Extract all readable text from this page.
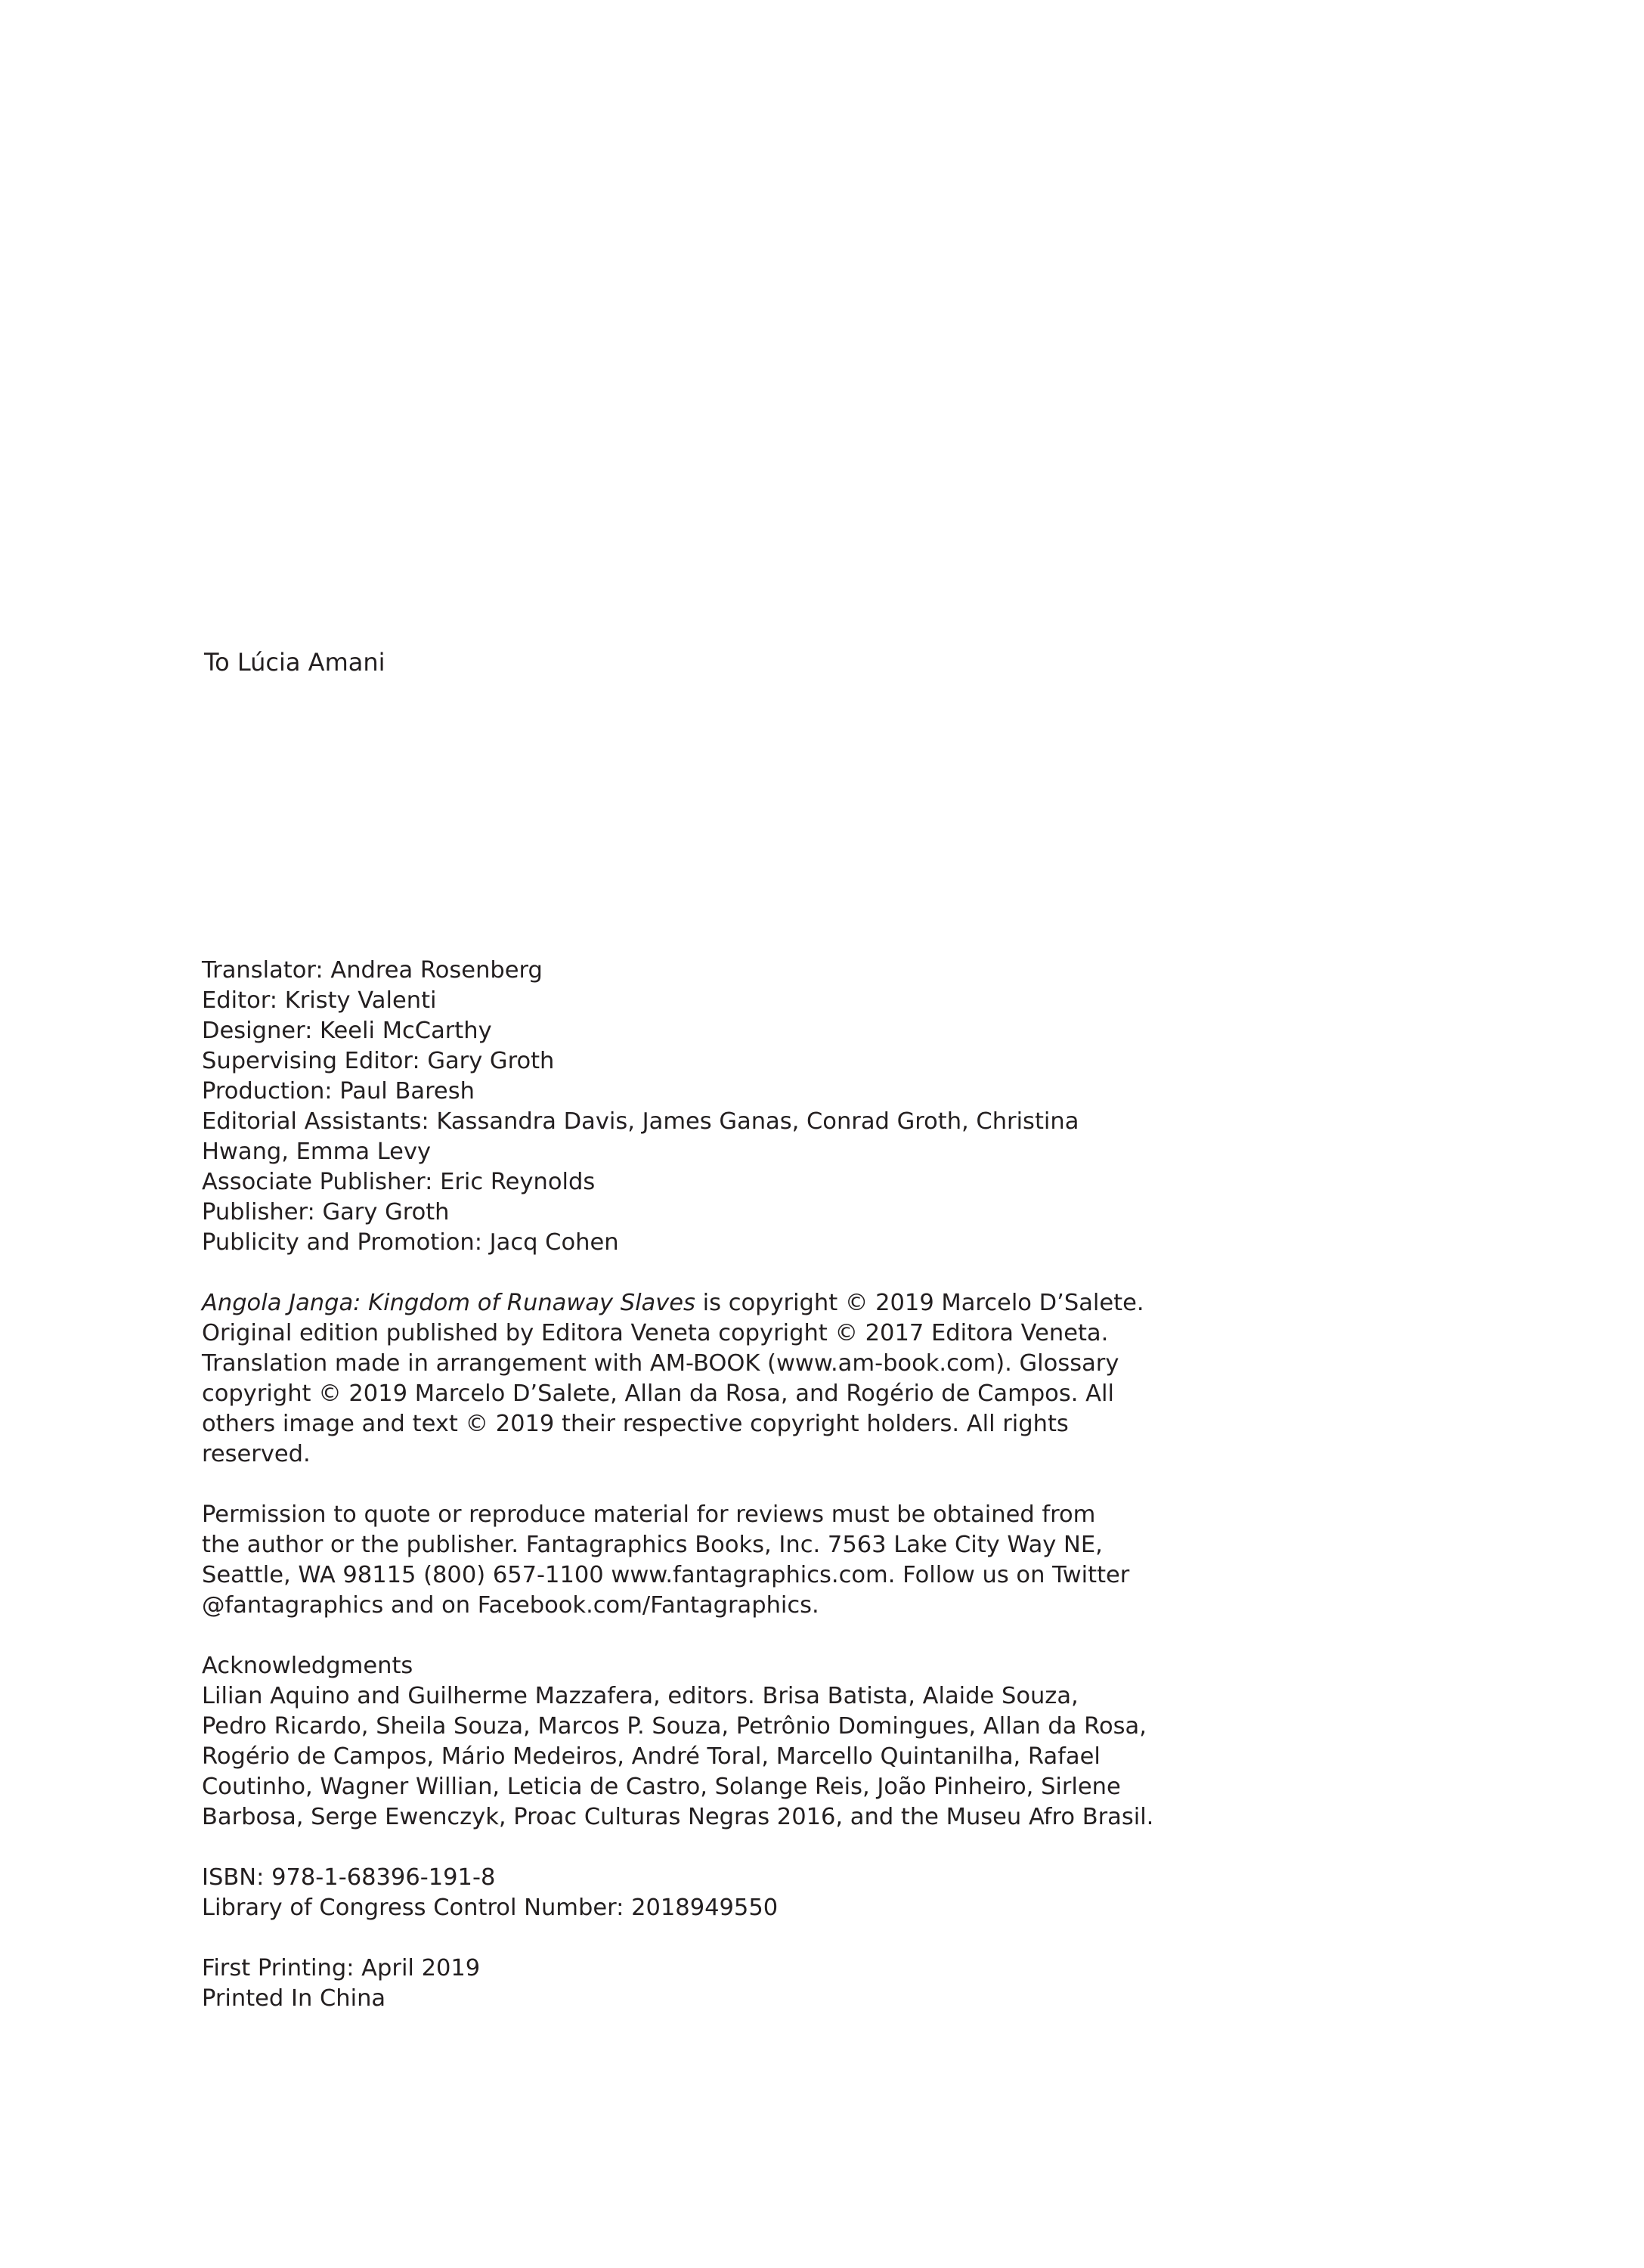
To Lúcia Amani
Translator: Andrea Rosenberg
Editor: Kristy Valenti
Designer: Keeli McCarthy
Supervising Editor: Gary Groth
Production: Paul Baresh
Editorial Assistants: Kassandra Davis, James Ganas, Conrad Groth, Christina
Hwang, Emma Levy
Associate Publisher: Eric Reynolds
Publisher: Gary Groth
Publicity and Promotion: Jacq Cohen
Angola Janga: Kingdom of Runaway Slaves is copyright © 2019 Marcelo D’Salete.
Original edition published by Editora Veneta copyright © 2017 Editora Veneta.
Translation made in arrangement with AM-BOOK (www.am-book.com). Glossary
copyright © 2019 Marcelo D’Salete, Allan da Rosa, and Rogério de Campos. All
others image and text © 2019 their respective copyright holders. All rights
reserved.
Permission to quote or reproduce material for reviews must be obtained from
the author or the publisher. Fantagraphics Books, Inc. 7563 Lake City Way NE,
Seattle, WA 98115 (800) 657-1100 www.fantagraphics.com. Follow us on Twitter
@fantagraphics and on Facebook.com/Fantagraphics.
Acknowledgments
Lilian Aquino and Guilherme Mazzafera, editors. Brisa Batista, Alaide Souza,
Pedro Ricardo, Sheila Souza, Marcos P. Souza, Petrônio Domingues, Allan da Rosa,
Rogério de Campos, Mário Medeiros, André Toral, Marcello Quintanilha, Rafael
Coutinho, Wagner Willian, Leticia de Castro, Solange Reis, João Pinheiro, Sirlene
Barbosa, Serge Ewenczyk, Proac Culturas Negras 2016, and the Museu Afro Brasil.
ISBN: 978-1-68396-191-8
Library of Congress Control Number: 2018949550
First Printing: April 2019
Printed In China
